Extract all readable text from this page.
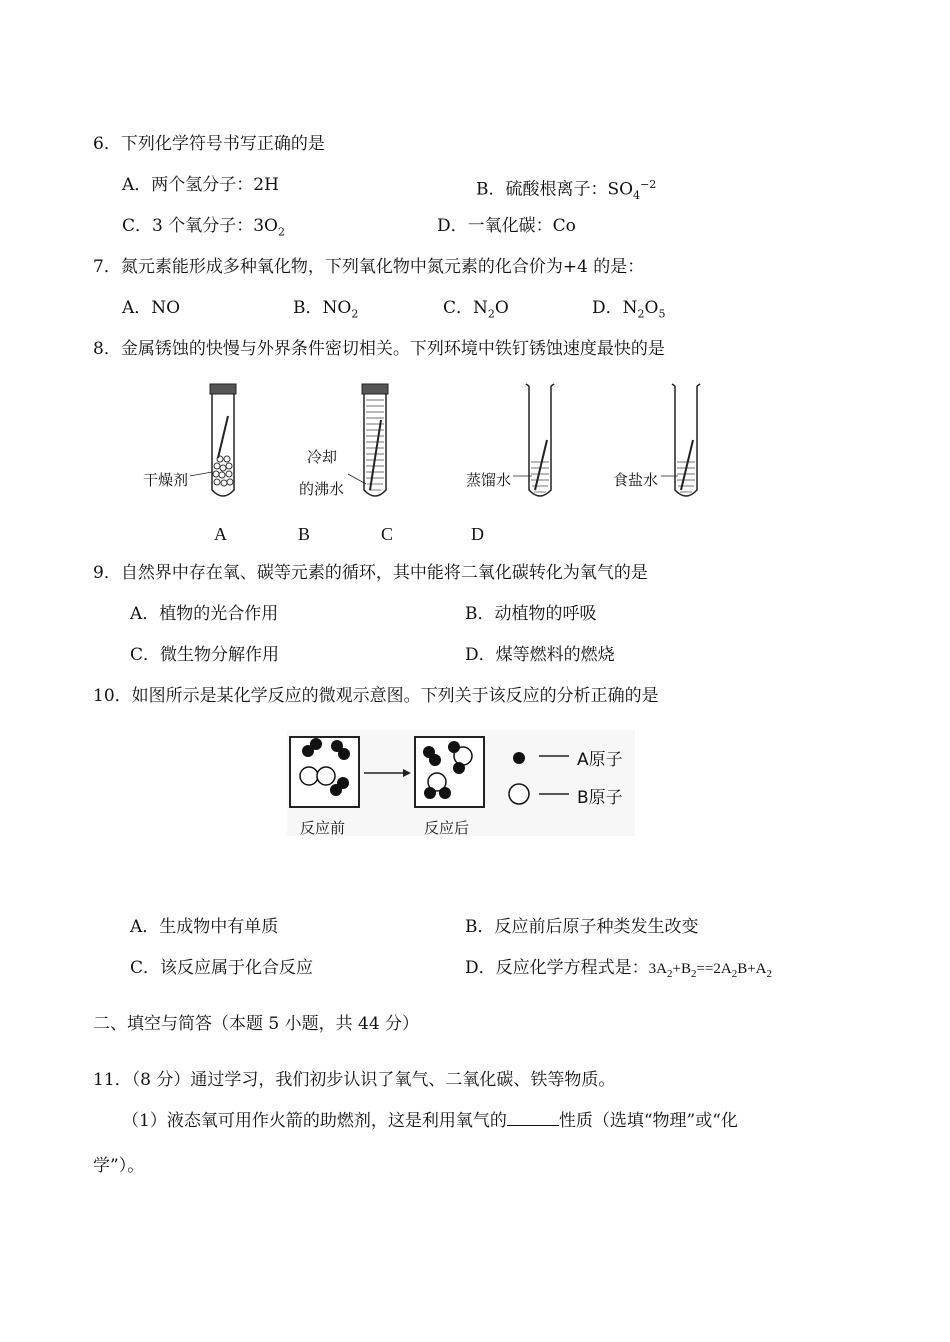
6．下列化学符号书写正确的是
A．两个氢分子：2H	B．硫酸根离子：$SO_4^{-2}$
C．3 个氧分子：$3O_2$	D．一氧化碳：Co
7．氮元素能形成多种氧化物，下列氧化物中氮元素的化合价为+4 的是：
A．NO	B．$NO_2$	C．$N_2O$	D．$N_2O_5$
8．金属锈蚀的快慢与外界条件密切相关。下列环境中铁钉锈蚀速度最快的是
干燥剂
冷却
的沸水	蒸馏水	食盐水
A	B	C	D
9．自然界中存在氧、碳等元素的循环，其中能将二氧化碳转化为氧气的是
A．植物的光合作用	B．动植物的呼吸
C．微生物分解作用	D．煤等燃料的燃烧
10．如图所示是某化学反应的微观示意图。下列关于该反应的分析正确的是
A原子
B原子
反应前	反应后
A．生成物中有单质	B．反应前后原子种类发生改变
C．该反应属于化合反应	D．反应化学方程式是：$3A_2+B_2==2A_2B+A_2$
二、填空与简答（本题 5 小题，共 44 分）
11．（8 分）通过学习，我们初步认识了氧气、二氧化碳、铁等物质。
（1）液态氧可用作火箭的助燃剂，这是利用氧气的	性质（选填“物理”或“化
学”）。
